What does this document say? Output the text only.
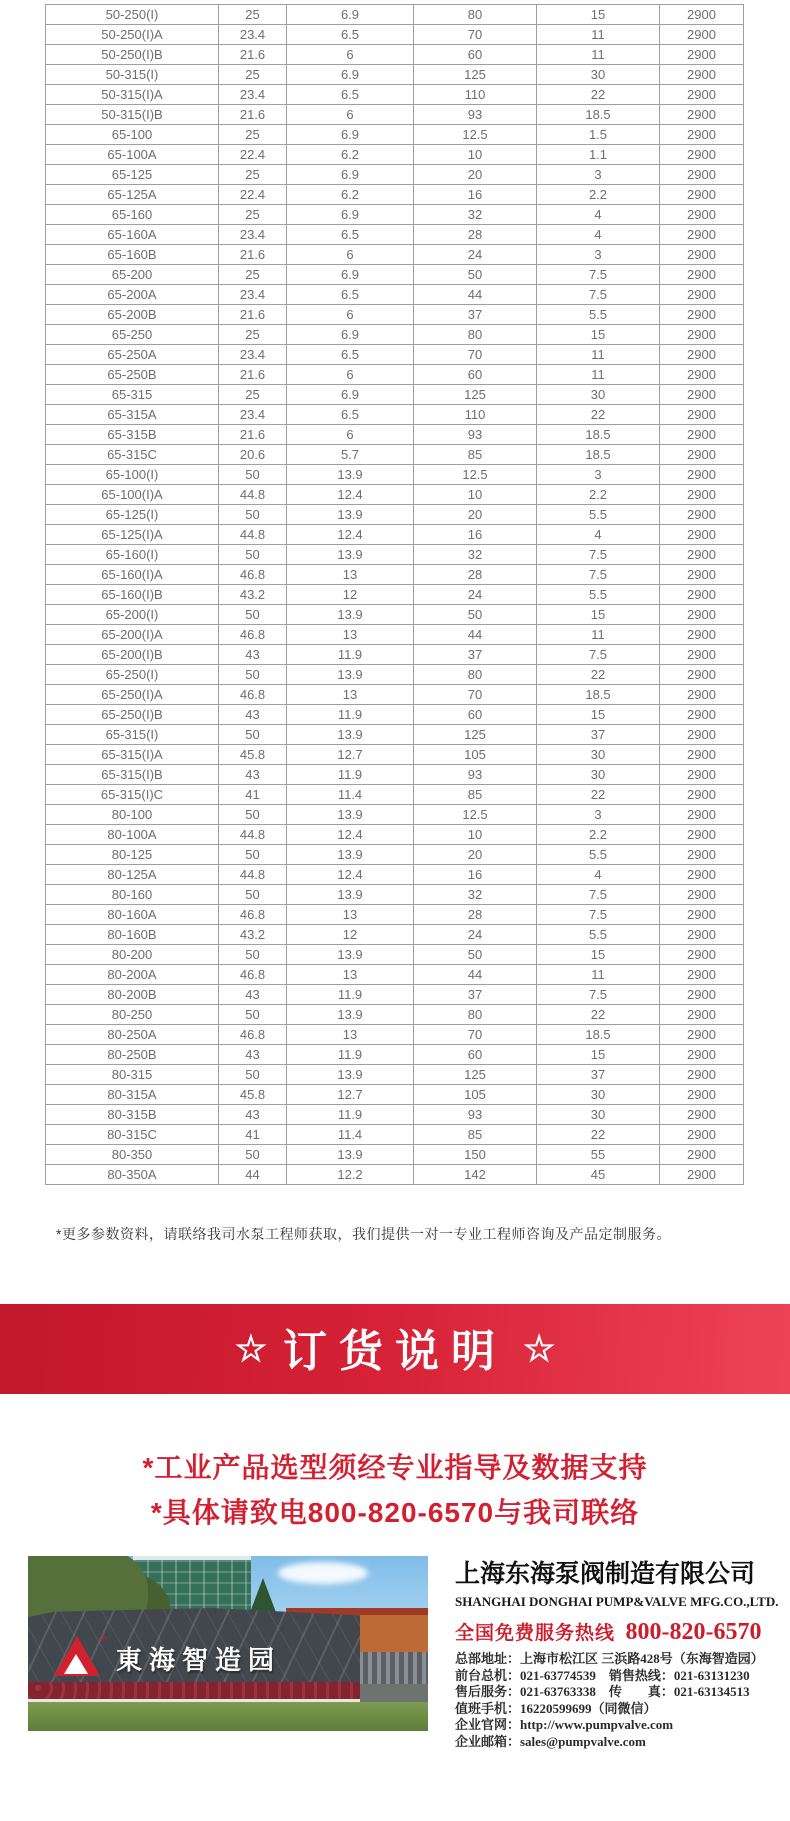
50-250(I)	25	6.9	80	15	2900
50-250(I)A	23.4	6.5	70	11	2900
50-250(I)B	21.6	6	60	11	2900
50-315(I)	25	6.9	125	30	2900
50-315(I)A	23.4	6.5	110	22	2900
50-315(I)B	21.6	6	93	18.5	2900
65-100	25	6.9	12.5	1.5	2900
65-100A	22.4	6.2	10	1.1	2900
65-125	25	6.9	20	3	2900
65-125A	22.4	6.2	16	2.2	2900
65-160	25	6.9	32	4	2900
65-160A	23.4	6.5	28	4	2900
65-160B	21.6	6	24	3	2900
65-200	25	6.9	50	7.5	2900
65-200A	23.4	6.5	44	7.5	2900
65-200B	21.6	6	37	5.5	2900
65-250	25	6.9	80	15	2900
65-250A	23.4	6.5	70	11	2900
65-250B	21.6	6	60	11	2900
65-315	25	6.9	125	30	2900
65-315A	23.4	6.5	110	22	2900
65-315B	21.6	6	93	18.5	2900
65-315C	20.6	5.7	85	18.5	2900
65-100(I)	50	13.9	12.5	3	2900
65-100(I)A	44.8	12.4	10	2.2	2900
65-125(I)	50	13.9	20	5.5	2900
65-125(I)A	44.8	12.4	16	4	2900
65-160(I)	50	13.9	32	7.5	2900
65-160(I)A	46.8	13	28	7.5	2900
65-160(I)B	43.2	12	24	5.5	2900
65-200(I)	50	13.9	50	15	2900
65-200(I)A	46.8	13	44	11	2900
65-200(I)B	43	11.9	37	7.5	2900
65-250(I)	50	13.9	80	22	2900
65-250(I)A	46.8	13	70	18.5	2900
65-250(I)B	43	11.9	60	15	2900
65-315(I)	50	13.9	125	37	2900
65-315(I)A	45.8	12.7	105	30	2900
65-315(I)B	43	11.9	93	30	2900
65-315(I)C	41	11.4	85	22	2900
80-100	50	13.9	12.5	3	2900
80-100A	44.8	12.4	10	2.2	2900
80-125	50	13.9	20	5.5	2900
80-125A	44.8	12.4	16	4	2900
80-160	50	13.9	32	7.5	2900
80-160A	46.8	13	28	7.5	2900
80-160B	43.2	12	24	5.5	2900
80-200	50	13.9	50	15	2900
80-200A	46.8	13	44	11	2900
80-200B	43	11.9	37	7.5	2900
80-250	50	13.9	80	22	2900
80-250A	46.8	13	70	18.5	2900
80-250B	43	11.9	60	15	2900
80-315	50	13.9	125	37	2900
80-315A	45.8	12.7	105	30	2900
80-315B	43	11.9	93	30	2900
80-315C	41	11.4	85	22	2900
80-350	50	13.9	150	55	2900
80-350A	44	12.2	142	45	2900
*更多参数资料，请联络我司水泵工程师获取，我们提供一对一专业工程师咨询及产品定制服务。
☆ 订货说明 ☆
*工业产品选型须经专业指导及数据支持
*具体请致电800-820-6570与我司联络
®
東海智造园
上海东海泵阀制造有限公司
SHANGHAI DONGHAI PUMP&VALVE MFG.CO.,LTD.
全国免费服务热线 800-820-6570
总部地址：上海市松江区 三浜路428号（东海智造园）
前台总机：021-63774539　销售热线：021-63131230
售后服务：021-63763338　传　　真：021-63134513
值班手机：16220599699（同微信）
企业官网：http://www.pumpvalve.com
企业邮箱：sales@pumpvalve.com
